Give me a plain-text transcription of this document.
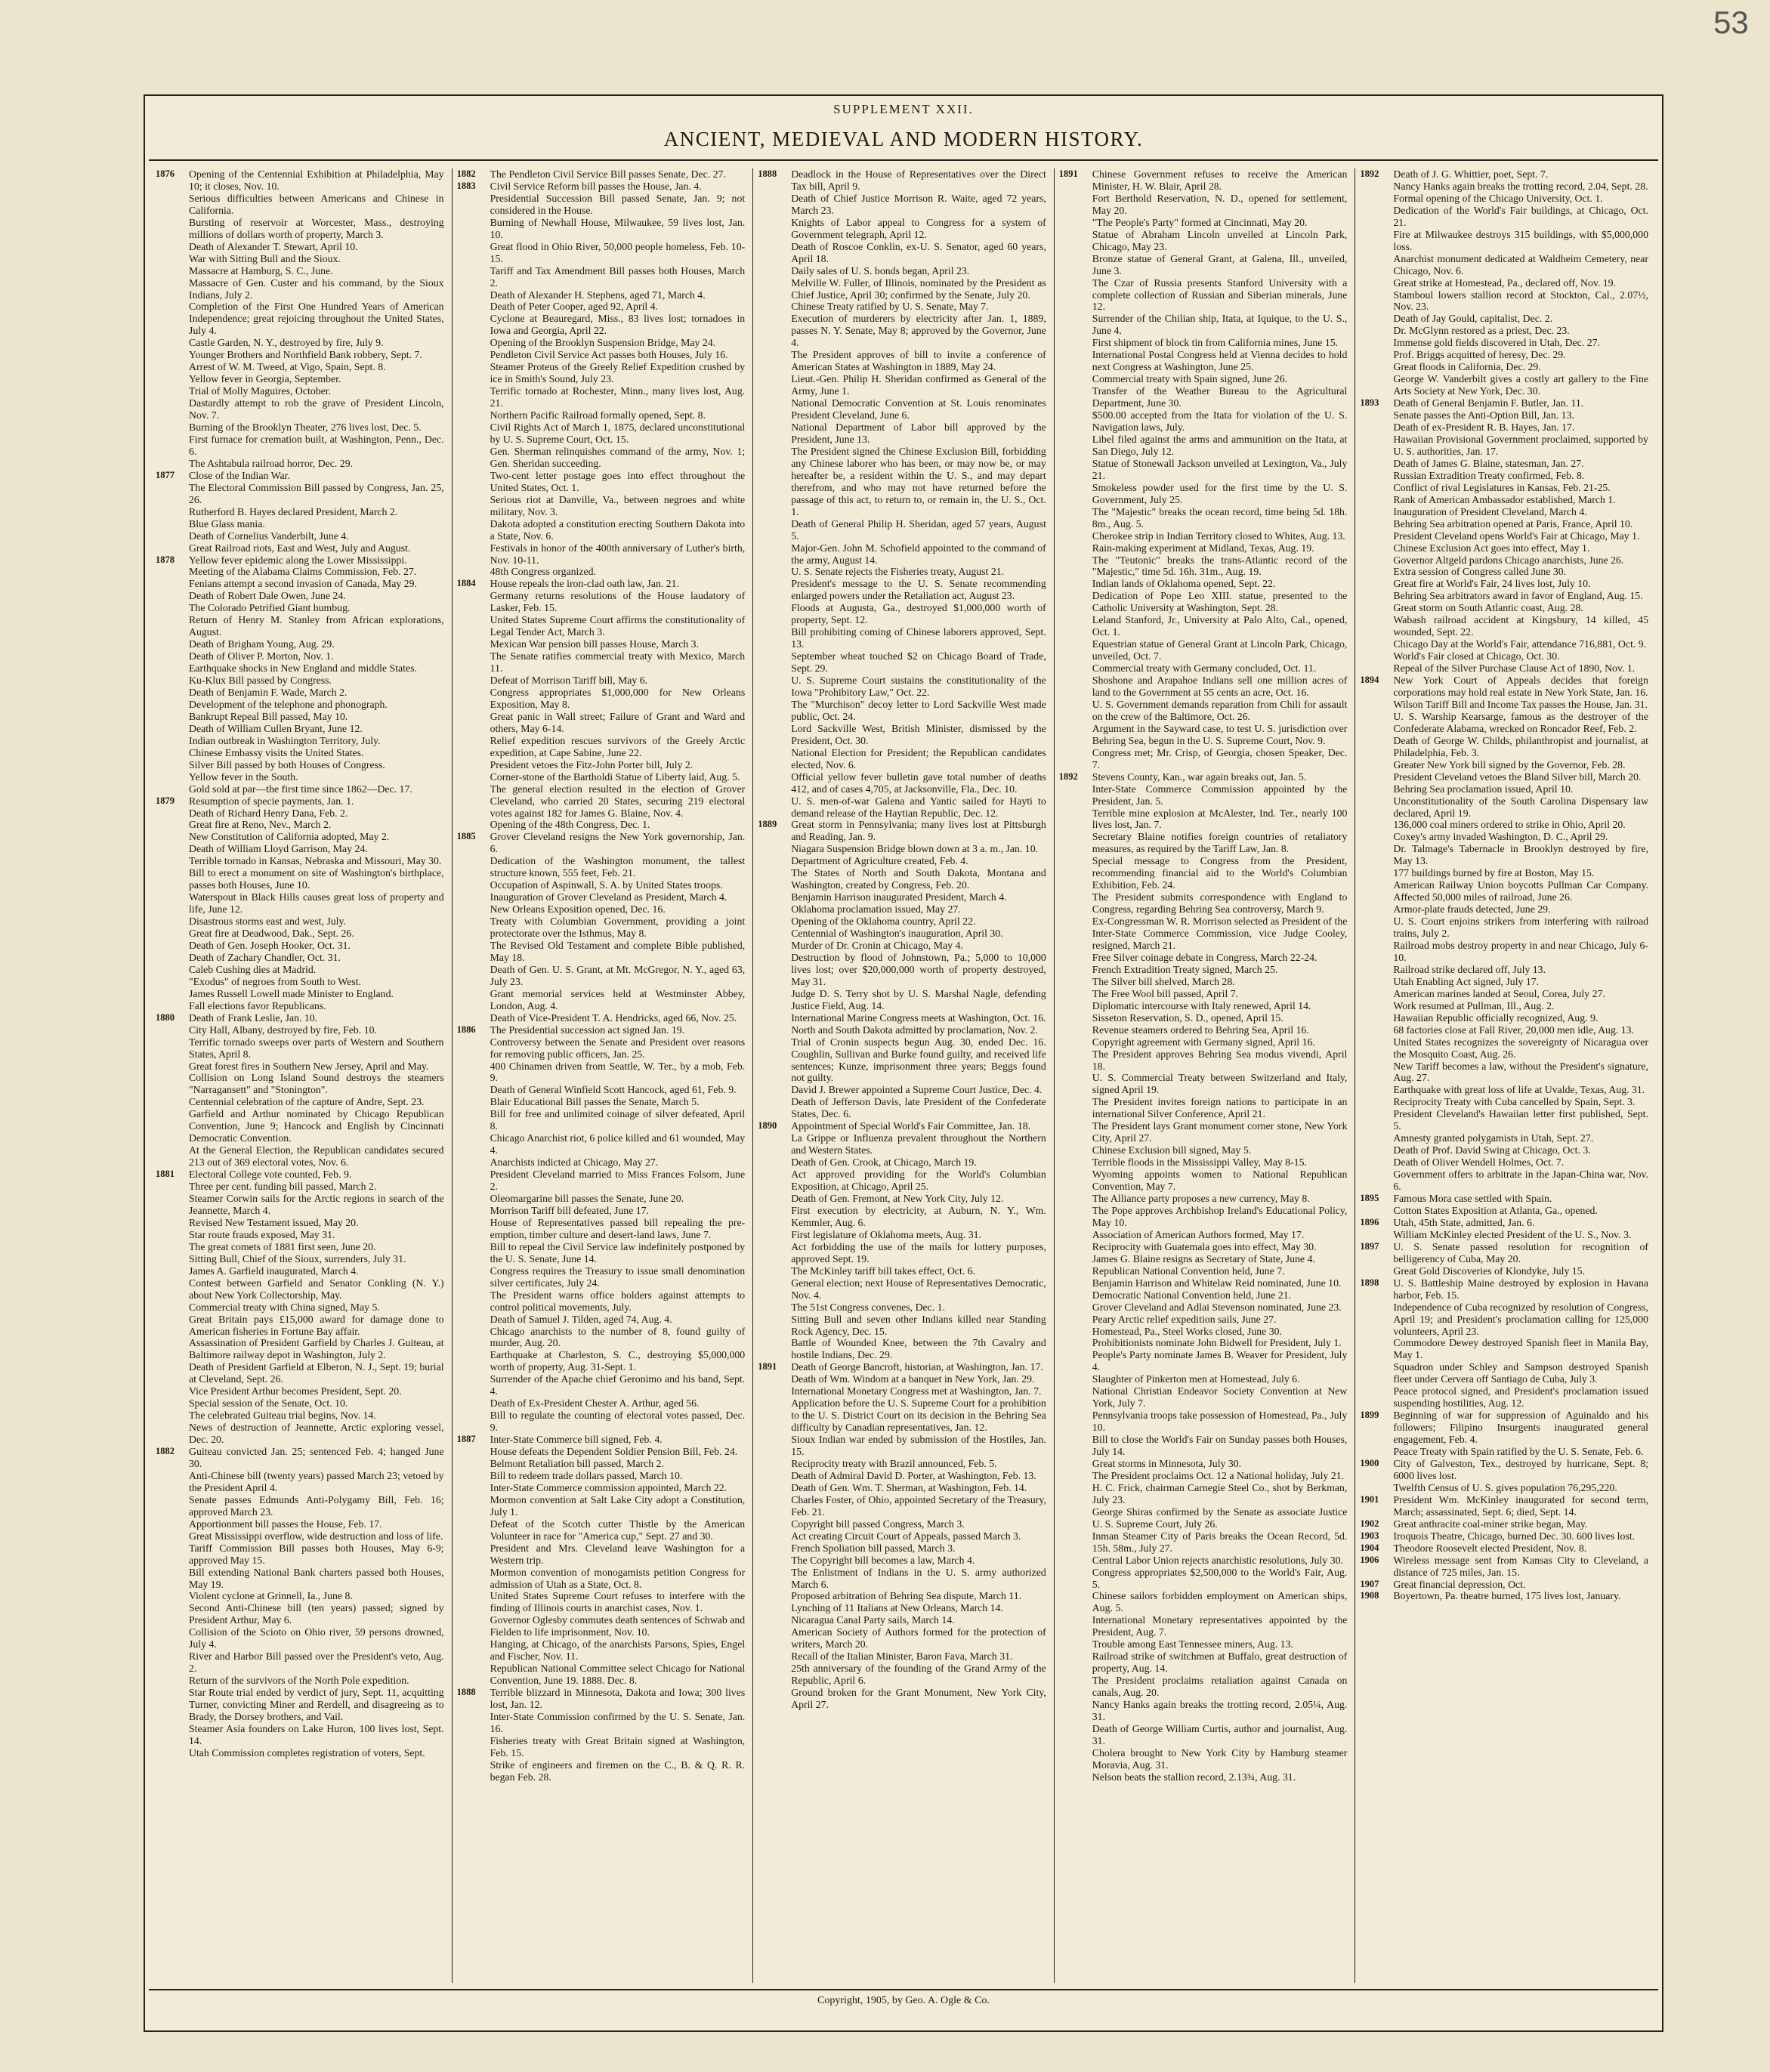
53
SUPPLEMENT XXII.
ANCIENT, MEDIEVAL AND MODERN HISTORY.
1876	Opening of the Centennial Exhibition at Philadelphia, May 10; it closes, Nov. 10.
Serious difficulties between Americans and Chinese in California.
Bursting of reservoir at Worcester, Mass., destroying millions of dollars worth of property, March 3.
Death of Alexander T. Stewart, April 10.
War with Sitting Bull and the Sioux.
Massacre at Hamburg, S. C., June.
Massacre of Gen. Custer and his command, by the Sioux Indians, July 2.
Completion of the First One Hundred Years of American Independence; great rejoicing throughout the United States, July 4.
Castle Garden, N. Y., destroyed by fire, July 9.
Younger Brothers and Northfield Bank robbery, Sept. 7.
Arrest of W. M. Tweed, at Vigo, Spain, Sept. 8.
Yellow fever in Georgia, September.
Trial of Molly Maguires, October.
Dastardly attempt to rob the grave of President Lincoln, Nov. 7.
Burning of the Brooklyn Theater, 276 lives lost, Dec. 5.
First furnace for cremation built, at Washington, Penn., Dec. 6.
The Ashtabula railroad horror, Dec. 29.
1877	Close of the Indian War.
The Electoral Commission Bill passed by Congress, Jan. 25, 26.
Rutherford B. Hayes declared President, March 2.
Blue Glass mania.
Death of Cornelius Vanderbilt, June 4.
Great Railroad riots, East and West, July and August.
1878	Yellow fever epidemic along the Lower Mississippi.
Meeting of the Alabama Claims Commission, Feb. 27.
Fenians attempt a second invasion of Canada, May 29.
Death of Robert Dale Owen, June 24.
The Colorado Petrified Giant humbug.
Return of Henry M. Stanley from African explorations, August.
Death of Brigham Young, Aug. 29.
Death of Oliver P. Morton, Nov. 1.
Earthquake shocks in New England and middle States.
Ku-Klux Bill passed by Congress.
Death of Benjamin F. Wade, March 2.
Development of the telephone and phonograph.
Bankrupt Repeal Bill passed, May 10.
Death of William Cullen Bryant, June 12.
Indian outbreak in Washington Territory, July.
Chinese Embassy visits the United States.
Silver Bill passed by both Houses of Congress.
Yellow fever in the South.
Gold sold at par—the first time since 1862—Dec. 17.
1879	Resumption of specie payments, Jan. 1.
Death of Richard Henry Dana, Feb. 2.
Great fire at Reno, Nev., March 2.
New Constitution of California adopted, May 2.
Death of William Lloyd Garrison, May 24.
Terrible tornado in Kansas, Nebraska and Missouri, May 30.
Bill to erect a monument on site of Washington's birthplace, passes both Houses, June 10.
Waterspout in Black Hills causes great loss of property and life, June 12.
Disastrous storms east and west, July.
Great fire at Deadwood, Dak., Sept. 26.
Death of Gen. Joseph Hooker, Oct. 31.
Death of Zachary Chandler, Oct. 31.
Caleb Cushing dies at Madrid.
"Exodus" of negroes from South to West.
James Russell Lowell made Minister to England.
Fall elections favor Republicans.
1880	Death of Frank Leslie, Jan. 10.
City Hall, Albany, destroyed by fire, Feb. 10.
Terrific tornado sweeps over parts of Western and Southern States, April 8.
Great forest fires in Southern New Jersey, April and May.
Collision on Long Island Sound destroys the steamers "Narragansett" and "Stonington".
Centennial celebration of the capture of Andre, Sept. 23.
Garfield and Arthur nominated by Chicago Republican Convention, June 9; Hancock and English by Cincinnati Democratic Convention.
At the General Election, the Republican candidates secured 213 out of 369 electoral votes, Nov. 6.
1881	Electoral College vote counted, Feb. 9.
Three per cent. funding bill passed, March 2.
Steamer Corwin sails for the Arctic regions in search of the Jeannette, March 4.
Revised New Testament issued, May 20.
Star route frauds exposed, May 31.
The great comets of 1881 first seen, June 20.
Sitting Bull, Chief of the Sioux, surrenders, July 31.
James A. Garfield inaugurated, March 4.
Contest between Garfield and Senator Conkling (N. Y.) about New York Collectorship, May.
Commercial treaty with China signed, May 5.
Great Britain pays £15,000 award for damage done to American fisheries in Fortune Bay affair.
Assassination of President Garfield by Charles J. Guiteau, at Baltimore railway depot in Washington, July 2.
Death of President Garfield at Elberon, N. J., Sept. 19; burial at Cleveland, Sept. 26.
Vice President Arthur becomes President, Sept. 20.
Special session of the Senate, Oct. 10.
The celebrated Guiteau trial begins, Nov. 14.
News of destruction of Jeannette, Arctic exploring vessel, Dec. 20.
1882	Guiteau convicted Jan. 25; sentenced Feb. 4; hanged June 30.
Anti-Chinese bill (twenty years) passed March 23; vetoed by the President April 4.
Senate passes Edmunds Anti-Polygamy Bill, Feb. 16; approved March 23.
Apportionment bill passes the House, Feb. 17.
Great Mississippi overflow, wide destruction and loss of life.
Tariff Commission Bill passes both Houses, May 6-9; approved May 15.
Bill extending National Bank charters passed both Houses, May 19.
Violent cyclone at Grinnell, Ia., June 8.
Second Anti-Chinese bill (ten years) passed; signed by President Arthur, May 6.
Collision of the Scioto on Ohio river, 59 persons drowned, July 4.
River and Harbor Bill passed over the President's veto, Aug. 2.
Return of the survivors of the North Pole expedition.
Star Route trial ended by verdict of jury, Sept. 11, acquitting Turner, convicting Miner and Rerdell, and disagreeing as to Brady, the Dorsey brothers, and Vail.
Steamer Asia founders on Lake Huron, 100 lives lost, Sept. 14.
Utah Commission completes registration of voters, Sept.
1882	The Pendleton Civil Service Bill passes Senate, Dec. 27.
1883	Civil Service Reform bill passes the House, Jan. 4.
Presidential Succession Bill passed Senate, Jan. 9; not considered in the House.
Burning of Newhall House, Milwaukee, 59 lives lost, Jan. 10.
Great flood in Ohio River, 50,000 people homeless, Feb. 10-15.
Tariff and Tax Amendment Bill passes both Houses, March 2.
Death of Alexander H. Stephens, aged 71, March 4.
Death of Peter Cooper, aged 92, April 4.
Cyclone at Beauregard, Miss., 83 lives lost; tornadoes in Iowa and Georgia, April 22.
Opening of the Brooklyn Suspension Bridge, May 24.
Pendleton Civil Service Act passes both Houses, July 16.
Steamer Proteus of the Greely Relief Expedition crushed by ice in Smith's Sound, July 23.
Terrific tornado at Rochester, Minn., many lives lost, Aug. 21.
Northern Pacific Railroad formally opened, Sept. 8.
Civil Rights Act of March 1, 1875, declared unconstitutional by U. S. Supreme Court, Oct. 15.
Gen. Sherman relinquishes command of the army, Nov. 1; Gen. Sheridan succeeding.
Two-cent letter postage goes into effect throughout the United States, Oct. 1.
Serious riot at Danville, Va., between negroes and white military, Nov. 3.
Dakota adopted a constitution erecting Southern Dakota into a State, Nov. 6.
Festivals in honor of the 400th anniversary of Luther's birth, Nov. 10-11.
48th Congress organized.
1884	House repeals the iron-clad oath law, Jan. 21.
Germany returns resolutions of the House laudatory of Lasker, Feb. 15.
United States Supreme Court affirms the constitutionality of Legal Tender Act, March 3.
Mexican War pension bill passes House, March 3.
The Senate ratifies commercial treaty with Mexico, March 11.
Defeat of Morrison Tariff bill, May 6.
Congress appropriates $1,000,000 for New Orleans Exposition, May 8.
Great panic in Wall street; Failure of Grant and Ward and others, May 6-14.
Relief expedition rescues survivors of the Greely Arctic expedition, at Cape Sabine, June 22.
President vetoes the Fitz-John Porter bill, July 2.
Corner-stone of the Bartholdi Statue of Liberty laid, Aug. 5.
The general election resulted in the election of Grover Cleveland, who carried 20 States, securing 219 electoral votes against 182 for James G. Blaine, Nov. 4.
Opening of the 48th Congress, Dec. 1.
1885	Grover Cleveland resigns the New York governorship, Jan. 6.
Dedication of the Washington monument, the tallest structure known, 555 feet, Feb. 21.
Occupation of Aspinwall, S. A. by United States troops.
Inauguration of Grover Cleveland as President, March 4.
New Orleans Exposition opened, Dec. 16.
Treaty with Columbian Government, providing a joint protectorate over the Isthmus, May 8.
The Revised Old Testament and complete Bible published, May 18.
Death of Gen. U. S. Grant, at Mt. McGregor, N. Y., aged 63, July 23.
Grant memorial services held at Westminster Abbey, London, Aug. 4.
Death of Vice-President T. A. Hendricks, aged 66, Nov. 25.
1886	The Presidential succession act signed Jan. 19.
Controversy between the Senate and President over reasons for removing public officers, Jan. 25.
400 Chinamen driven from Seattle, W. Ter., by a mob, Feb. 9.
Death of General Winfield Scott Hancock, aged 61, Feb. 9.
Blair Educational Bill passes the Senate, March 5.
Bill for free and unlimited coinage of silver defeated, April 8.
Chicago Anarchist riot, 6 police killed and 61 wounded, May 4.
Anarchists indicted at Chicago, May 27.
President Cleveland married to Miss Frances Folsom, June 2.
Oleomargarine bill passes the Senate, June 20.
Morrison Tariff bill defeated, June 17.
House of Representatives passed bill repealing the pre-emption, timber culture and desert-land laws, June 7.
Bill to repeal the Civil Service law indefinitely postponed by the U. S. Senate, June 14.
Congress requires the Treasury to issue small denomination silver certificates, July 24.
The President warns office holders against attempts to control political movements, July.
Death of Samuel J. Tilden, aged 74, Aug. 4.
Chicago anarchists to the number of 8, found guilty of murder, Aug. 20.
Earthquake at Charleston, S. C., destroying $5,000,000 worth of property, Aug. 31-Sept. 1.
Surrender of the Apache chief Geronimo and his band, Sept. 4.
Death of Ex-President Chester A. Arthur, aged 56.
Bill to regulate the counting of electoral votes passed, Dec. 9.
1887	Inter-State Commerce bill signed, Feb. 4.
House defeats the Dependent Soldier Pension Bill, Feb. 24.
Belmont Retaliation bill passed, March 2.
Bill to redeem trade dollars passed, March 10.
Inter-State Commerce commission appointed, March 22.
Mormon convention at Salt Lake City adopt a Constitution, July 1.
Defeat of the Scotch cutter Thistle by the American Volunteer in race for "America cup," Sept. 27 and 30.
President and Mrs. Cleveland leave Washington for a Western trip.
Mormon convention of monogamists petition Congress for admission of Utah as a State, Oct. 8.
United States Supreme Court refuses to interfere with the finding of Illinois courts in anarchist cases, Nov. 1.
Governor Oglesby commutes death sentences of Schwab and Fielden to life imprisonment, Nov. 10.
Hanging, at Chicago, of the anarchists Parsons, Spies, Engel and Fischer, Nov. 11.
Republican National Committee select Chicago for National Convention, June 19. 1888. Dec. 8.
1888	Terrible blizzard in Minnesota, Dakota and Iowa; 300 lives lost, Jan. 12.
Inter-State Commission confirmed by the U. S. Senate, Jan. 16.
Fisheries treaty with Great Britain signed at Washington, Feb. 15.
Strike of engineers and firemen on the C., B. & Q. R. R. began Feb. 28.
1888	Deadlock in the House of Representatives over the Direct Tax bill, April 9.
Death of Chief Justice Morrison R. Waite, aged 72 years, March 23.
Knights of Labor appeal to Congress for a system of Government telegraph, April 12.
Death of Roscoe Conklin, ex-U. S. Senator, aged 60 years, April 18.
Daily sales of U. S. bonds began, April 23.
Melville W. Fuller, of Illinois, nominated by the President as Chief Justice, April 30; confirmed by the Senate, July 20.
Chinese Treaty ratified by U. S. Senate, May 7.
Execution of murderers by electricity after Jan. 1, 1889, passes N. Y. Senate, May 8; approved by the Governor, June 4.
The President approves of bill to invite a conference of American States at Washington in 1889, May 24.
Lieut.-Gen. Philip H. Sheridan confirmed as General of the Army, June 1.
National Democratic Convention at St. Louis renominates President Cleveland, June 6.
National Department of Labor bill approved by the President, June 13.
The President signed the Chinese Exclusion Bill, forbidding any Chinese laborer who has been, or may now be, or may hereafter be, a resident within the U. S., and may depart therefrom, and who may not have returned before the passage of this act, to return to, or remain in, the U. S., Oct. 1.
Death of General Philip H. Sheridan, aged 57 years, August 5.
Major-Gen. John M. Schofield appointed to the command of the army, August 14.
U. S. Senate rejects the Fisheries treaty, August 21.
President's message to the U. S. Senate recommending enlarged powers under the Retaliation act, August 23.
Floods at Augusta, Ga., destroyed $1,000,000 worth of property, Sept. 12.
Bill prohibiting coming of Chinese laborers approved, Sept. 13.
September wheat touched $2 on Chicago Board of Trade, Sept. 29.
U. S. Supreme Court sustains the constitutionality of the Iowa "Prohibitory Law," Oct. 22.
The "Murchison" decoy letter to Lord Sackville West made public, Oct. 24.
Lord Sackville West, British Minister, dismissed by the President, Oct. 30.
National Election for President; the Republican candidates elected, Nov. 6.
Official yellow fever bulletin gave total number of deaths 412, and of cases 4,705, at Jacksonville, Fla., Dec. 10.
U. S. men-of-war Galena and Yantic sailed for Hayti to demand release of the Haytian Republic, Dec. 12.
1889	Great storm in Pennsylvania; many lives lost at Pittsburgh and Reading, Jan. 9.
Niagara Suspension Bridge blown down at 3 a. m., Jan. 10.
Department of Agriculture created, Feb. 4.
The States of North and South Dakota, Montana and Washington, created by Congress, Feb. 20.
Benjamin Harrison inaugurated President, March 4.
Oklahoma proclamation issued, May 27.
Opening of the Oklahoma country, April 22.
Centennial of Washington's inauguration, April 30.
Murder of Dr. Cronin at Chicago, May 4.
Destruction by flood of Johnstown, Pa.; 5,000 to 10,000 lives lost; over $20,000,000 worth of property destroyed, May 31.
Judge D. S. Terry shot by U. S. Marshal Nagle, defending Justice Field, Aug. 14.
International Marine Congress meets at Washington, Oct. 16.
North and South Dakota admitted by proclamation, Nov. 2.
Trial of Cronin suspects begun Aug. 30, ended Dec. 16. Coughlin, Sullivan and Burke found guilty, and received life sentences; Kunze, imprisonment three years; Beggs found not guilty.
David J. Brewer appointed a Supreme Court Justice, Dec. 4.
Death of Jefferson Davis, late President of the Confederate States, Dec. 6.
1890	Appointment of Special World's Fair Committee, Jan. 18.
La Grippe or Influenza prevalent throughout the Northern and Western States.
Death of Gen. Crook, at Chicago, March 19.
Act approved providing for the World's Columbian Exposition, at Chicago, April 25.
Death of Gen. Fremont, at New York City, July 12.
First execution by electricity, at Auburn, N. Y., Wm. Kemmler, Aug. 6.
First legislature of Oklahoma meets, Aug. 31.
Act forbidding the use of the mails for lottery purposes, approved Sept. 19.
The McKinley tariff bill takes effect, Oct. 6.
General election; next House of Representatives Democratic, Nov. 4.
The 51st Congress convenes, Dec. 1.
Sitting Bull and seven other Indians killed near Standing Rock Agency, Dec. 15.
Battle of Wounded Knee, between the 7th Cavalry and hostile Indians, Dec. 29.
1891	Death of George Bancroft, historian, at Washington, Jan. 17.
Death of Wm. Windom at a banquet in New York, Jan. 29.
International Monetary Congress met at Washington, Jan. 7.
Application before the U. S. Supreme Court for a prohibition to the U. S. District Court on its decision in the Behring Sea difficulty by Canadian representatives, Jan. 12.
Sioux Indian war ended by submission of the Hostiles, Jan. 15.
Reciprocity treaty with Brazil announced, Feb. 5.
Death of Admiral David D. Porter, at Washington, Feb. 13.
Death of Gen. Wm. T. Sherman, at Washington, Feb. 14.
Charles Foster, of Ohio, appointed Secretary of the Treasury, Feb. 21.
Copyright bill passed Congress, March 3.
Act creating Circuit Court of Appeals, passed March 3.
French Spoliation bill passed, March 3.
The Copyright bill becomes a law, March 4.
The Enlistment of Indians in the U. S. army authorized March 6.
Proposed arbitration of Behring Sea dispute, March 11.
Lynching of 11 Italians at New Orleans, March 14.
Nicaragua Canal Party sails, March 14.
American Society of Authors formed for the protection of writers, March 20.
Recall of the Italian Minister, Baron Fava, March 31.
25th anniversary of the founding of the Grand Army of the Republic, April 6.
Ground broken for the Grant Monument, New York City, April 27.
1891	Chinese Government refuses to receive the American Minister, H. W. Blair, April 28.
Fort Berthold Reservation, N. D., opened for settlement, May 20.
"The People's Party" formed at Cincinnati, May 20.
Statue of Abraham Lincoln unveiled at Lincoln Park, Chicago, May 23.
Bronze statue of General Grant, at Galena, Ill., unveiled, June 3.
The Czar of Russia presents Stanford University with a complete collection of Russian and Siberian minerals, June 12.
Surrender of the Chilian ship, Itata, at Iquique, to the U. S., June 4.
First shipment of block tin from California mines, June 15.
International Postal Congress held at Vienna decides to hold next Congress at Washington, June 25.
Commercial treaty with Spain signed, June 26.
Transfer of the Weather Bureau to the Agricultural Department, June 30.
$500.00 accepted from the Itata for violation of the U. S. Navigation laws, July.
Libel filed against the arms and ammunition on the Itata, at San Diego, July 12.
Statue of Stonewall Jackson unveiled at Lexington, Va., July 21.
Smokeless powder used for the first time by the U. S. Government, July 25.
The "Majestic" breaks the ocean record, time being 5d. 18h. 8m., Aug. 5.
Cherokee strip in Indian Territory closed to Whites, Aug. 13.
Rain-making experiment at Midland, Texas, Aug. 19.
The "Teutonic" breaks the trans-Atlantic record of the "Majestic," time 5d. 16h. 31m., Aug. 19.
Indian lands of Oklahoma opened, Sept. 22.
Dedication of Pope Leo XIII. statue, presented to the Catholic University at Washington, Sept. 28.
Leland Stanford, Jr., University at Palo Alto, Cal., opened, Oct. 1.
Equestrian statue of General Grant at Lincoln Park, Chicago, unveiled, Oct. 7.
Commercial treaty with Germany concluded, Oct. 11.
Shoshone and Arapahoe Indians sell one million acres of land to the Government at 55 cents an acre, Oct. 16.
U. S. Government demands reparation from Chili for assault on the crew of the Baltimore, Oct. 26.
Argument in the Sayward case, to test U. S. jurisdiction over Behring Sea, begun in the U. S. Supreme Court, Nov. 9.
Congress met; Mr. Crisp, of Georgia, chosen Speaker, Dec. 7.
1892	Stevens County, Kan., war again breaks out, Jan. 5.
Inter-State Commerce Commission appointed by the President, Jan. 5.
Terrible mine explosion at McAlester, Ind. Ter., nearly 100 lives lost, Jan. 7.
Secretary Blaine notifies foreign countries of retaliatory measures, as required by the Tariff Law, Jan. 8.
Special message to Congress from the President, recommending financial aid to the World's Columbian Exhibition, Feb. 24.
The President submits correspondence with England to Congress, regarding Behring Sea controversy, March 9.
Ex-Congressman W. R. Morrison selected as President of the Inter-State Commerce Commission, vice Judge Cooley, resigned, March 21.
Free Silver coinage debate in Congress, March 22-24.
French Extradition Treaty signed, March 25.
The Silver bill shelved, March 28.
The Free Wool bill passed, April 7.
Diplomatic intercourse with Italy renewed, April 14.
Sisseton Reservation, S. D., opened, April 15.
Revenue steamers ordered to Behring Sea, April 16.
Copyright agreement with Germany signed, April 16.
The President approves Behring Sea modus vivendi, April 18.
U. S. Commercial Treaty between Switzerland and Italy, signed April 19.
The President invites foreign nations to participate in an international Silver Conference, April 21.
The President lays Grant monument corner stone, New York City, April 27.
Chinese Exclusion bill signed, May 5.
Terrible floods in the Mississippi Valley, May 8-15.
Wyoming appoints women to National Republican Convention, May 7.
The Alliance party proposes a new currency, May 8.
The Pope approves Archbishop Ireland's Educational Policy, May 10.
Association of American Authors formed, May 17.
Reciprocity with Guatemala goes into effect, May 30.
James G. Blaine resigns as Secretary of State, June 4.
Republican National Convention held, June 7.
Benjamin Harrison and Whitelaw Reid nominated, June 10.
Democratic National Convention held, June 21.
Grover Cleveland and Adlai Stevenson nominated, June 23.
Peary Arctic relief expedition sails, June 27.
Homestead, Pa., Steel Works closed, June 30.
Prohibitionists nominate John Bidwell for President, July 1.
People's Party nominate James B. Weaver for President, July 4.
Slaughter of Pinkerton men at Homestead, July 6.
National Christian Endeavor Society Convention at New York, July 7.
Pennsylvania troops take possession of Homestead, Pa., July 10.
Bill to close the World's Fair on Sunday passes both Houses, July 14.
Great storms in Minnesota, July 30.
The President proclaims Oct. 12 a National holiday, July 21.
H. C. Frick, chairman Carnegie Steel Co., shot by Berkman, July 23.
George Shiras confirmed by the Senate as associate Justice U. S. Supreme Court, July 26.
Inman Steamer City of Paris breaks the Ocean Record, 5d. 15h. 58m., July 27.
Central Labor Union rejects anarchistic resolutions, July 30.
Congress appropriates $2,500,000 to the World's Fair, Aug. 5.
Chinese sailors forbidden employment on American ships, Aug. 5.
International Monetary representatives appointed by the President, Aug. 7.
Trouble among East Tennessee miners, Aug. 13.
Railroad strike of switchmen at Buffalo, great destruction of property, Aug. 14.
The President proclaims retaliation against Canada on canals, Aug. 20.
Nancy Hanks again breaks the trotting record, 2.05¼, Aug. 31.
Death of George William Curtis, author and journalist, Aug. 31.
Cholera brought to New York City by Hamburg steamer Moravia, Aug. 31.
Nelson beats the stallion record, 2.13¾, Aug. 31.
1892	Death of J. G. Whittier, poet, Sept. 7.
Nancy Hanks again breaks the trotting record, 2.04, Sept. 28.
Formal opening of the Chicago University, Oct. 1.
Dedication of the World's Fair buildings, at Chicago, Oct. 21.
Fire at Milwaukee destroys 315 buildings, with $5,000,000 loss.
Anarchist monument dedicated at Waldheim Cemetery, near Chicago, Nov. 6.
Great strike at Homestead, Pa., declared off, Nov. 19.
Stamboul lowers stallion record at Stockton, Cal., 2.07½, Nov. 23.
Death of Jay Gould, capitalist, Dec. 2.
Dr. McGlynn restored as a priest, Dec. 23.
Immense gold fields discovered in Utah, Dec. 27.
Prof. Briggs acquitted of heresy, Dec. 29.
Great floods in California, Dec. 29.
George W. Vanderbilt gives a costly art gallery to the Fine Arts Society at New York, Dec. 30.
1893	Death of General Benjamin F. Butler, Jan. 11.
Senate passes the Anti-Option Bill, Jan. 13.
Death of ex-President R. B. Hayes, Jan. 17.
Hawaiian Provisional Government proclaimed, supported by U. S. authorities, Jan. 17.
Death of James G. Blaine, statesman, Jan. 27.
Russian Extradition Treaty confirmed, Feb. 8.
Conflict of rival Legislatures in Kansas, Feb. 21-25.
Rank of American Ambassador established, March 1.
Inauguration of President Cleveland, March 4.
Behring Sea arbitration opened at Paris, France, April 10.
President Cleveland opens World's Fair at Chicago, May 1.
Chinese Exclusion Act goes into effect, May 1.
Governor Altgeld pardons Chicago anarchists, June 26.
Extra session of Congress called June 30.
Great fire at World's Fair, 24 lives lost, July 10.
Behring Sea arbitrators award in favor of England, Aug. 15.
Great storm on South Atlantic coast, Aug. 28.
Wabash railroad accident at Kingsbury, 14 killed, 45 wounded, Sept. 22.
Chicago Day at the World's Fair, attendance 716,881, Oct. 9.
World's Fair closed at Chicago, Oct. 30.
Repeal of the Silver Purchase Clause Act of 1890, Nov. 1.
1894	New York Court of Appeals decides that foreign corporations may hold real estate in New York State, Jan. 16.
Wilson Tariff Bill and Income Tax passes the House, Jan. 31.
U. S. Warship Kearsarge, famous as the destroyer of the Confederate Alabama, wrecked on Roncador Reef, Feb. 2.
Death of George W. Childs, philanthropist and journalist, at Philadelphia, Feb. 3.
Greater New York bill signed by the Governor, Feb. 28.
President Cleveland vetoes the Bland Silver bill, March 20.
Behring Sea proclamation issued, April 10.
Unconstitutionality of the South Carolina Dispensary law declared, April 19.
136,000 coal miners ordered to strike in Ohio, April 20.
Coxey's army invaded Washington, D. C., April 29.
Dr. Talmage's Tabernacle in Brooklyn destroyed by fire, May 13.
177 buildings burned by fire at Boston, May 15.
American Railway Union boycotts Pullman Car Company. Affected 50,000 miles of railroad, June 26.
Armor-plate frauds detected, June 29.
U. S. Court enjoins strikers from interfering with railroad trains, July 2.
Railroad mobs destroy property in and near Chicago, July 6-10.
Railroad strike declared off, July 13.
Utah Enabling Act signed, July 17.
American marines landed at Seoul, Corea, July 27.
Work resumed at Pullman, Ill., Aug. 2.
Hawaiian Republic officially recognized, Aug. 9.
68 factories close at Fall River, 20,000 men idle, Aug. 13.
United States recognizes the sovereignty of Nicaragua over the Mosquito Coast, Aug. 26.
New Tariff becomes a law, without the President's signature, Aug. 27.
Earthquake with great loss of life at Uvalde, Texas, Aug. 31.
Reciprocity Treaty with Cuba cancelled by Spain, Sept. 3.
President Cleveland's Hawaiian letter first published, Sept. 5.
Amnesty granted polygamists in Utah, Sept. 27.
Death of Prof. David Swing at Chicago, Oct. 3.
Death of Oliver Wendell Holmes, Oct. 7.
Government offers to arbitrate in the Japan-China war, Nov. 6.
1895	Famous Mora case settled with Spain.
Cotton States Exposition at Atlanta, Ga., opened.
1896	Utah, 45th State, admitted, Jan. 6.
William McKinley elected President of the U. S., Nov. 3.
1897	U. S. Senate passed resolution for recognition of belligerency of Cuba, May 20.
Great Gold Discoveries of Klondyke, July 15.
1898	U. S. Battleship Maine destroyed by explosion in Havana harbor, Feb. 15.
Independence of Cuba recognized by resolution of Congress, April 19; and President's proclamation calling for 125,000 volunteers, April 23.
Commodore Dewey destroyed Spanish fleet in Manila Bay, May 1.
Squadron under Schley and Sampson destroyed Spanish fleet under Cervera off Santiago de Cuba, July 3.
Peace protocol signed, and President's proclamation issued suspending hostilities, Aug. 12.
1899	Beginning of war for suppression of Aguinaldo and his followers; Filipino Insurgents inaugurated general engagement, Feb. 4.
Peace Treaty with Spain ratified by the U. S. Senate, Feb. 6.
1900	City of Galveston, Tex., destroyed by hurricane, Sept. 8; 6000 lives lost.
Twelfth Census of U. S. gives population 76,295,220.
1901	President Wm. McKinley inaugurated for second term, March; assassinated, Sept. 6; died, Sept. 14.
1902	Great anthracite coal-miner strike began, May.
1903	Iroquois Theatre, Chicago, burned Dec. 30. 600 lives lost.
1904	Theodore Roosevelt elected President, Nov. 8.
1906	Wireless message sent from Kansas City to Cleveland, a distance of 725 miles, Jan. 15.
1907	Great financial depression, Oct.
1908	Boyertown, Pa. theatre burned, 175 lives lost, January.
Copyright, 1905, by Geo. A. Ogle & Co.
